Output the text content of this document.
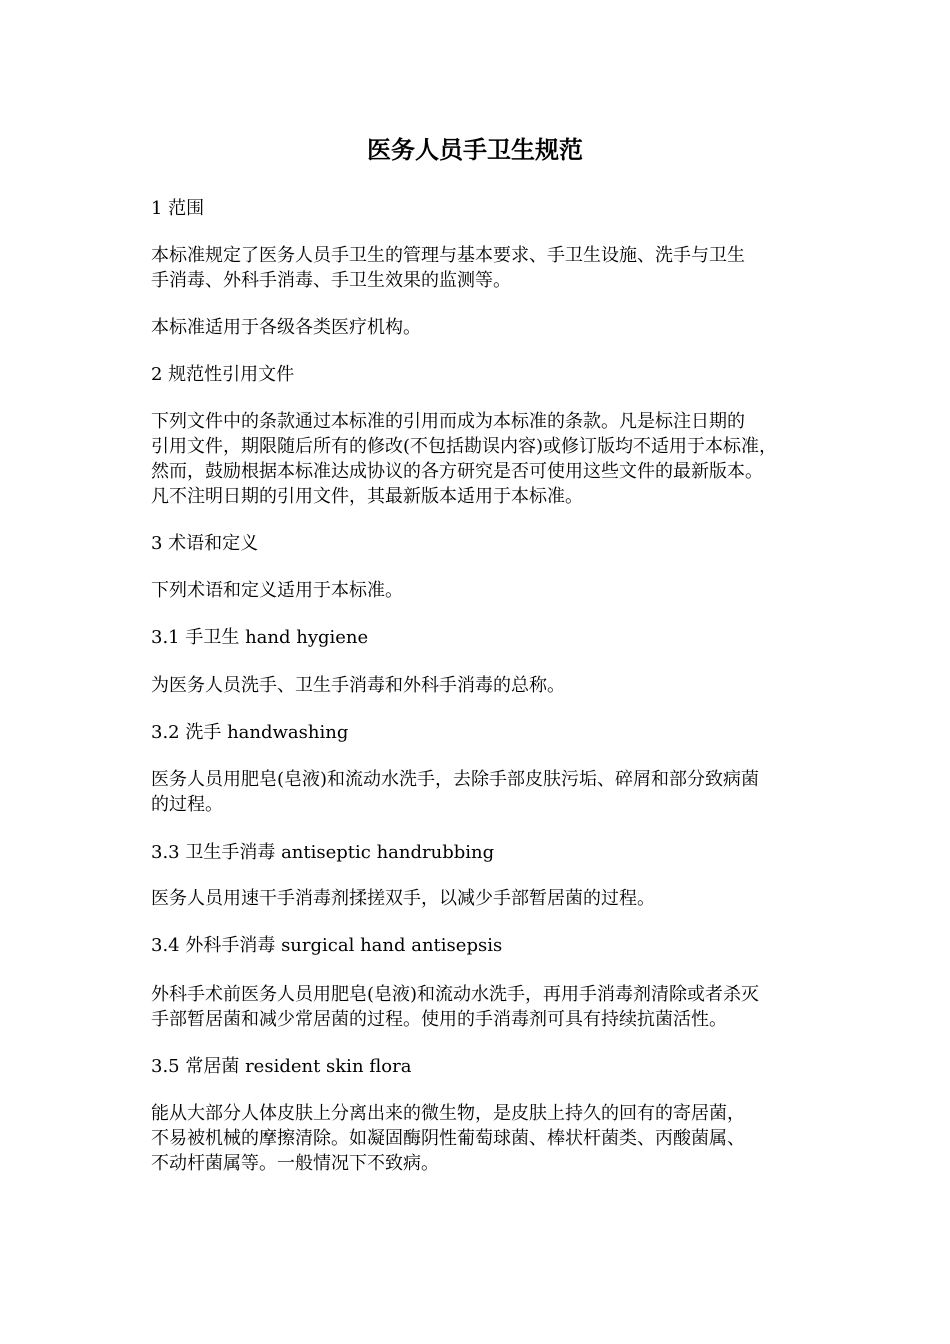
医务人员手卫生规范

1 范围

本标准规定了医务人员手卫生的管理与基本要求、手卫生设施、洗手与卫生

手消毒、外科手消毒、手卫生效果的监测等。

本标准适用于各级各类医疗机构。

2 规范性引用文件

下列文件中的条款通过本标准的引用而成为本标准的条款。凡是标注日期的

引用文件，期限随后所有的修改(不包括勘误内容)或修订版均不适用于本标准，

然而，鼓励根据本标准达成协议的各方研究是否可使用这些文件的最新版本。

凡不注明日期的引用文件，其最新版本适用于本标准。

3 术语和定义

下列术语和定义适用于本标准。

3.1 手卫生 hand hygiene

为医务人员洗手、卫生手消毒和外科手消毒的总称。

3.2 洗手 handwashing

医务人员用肥皂(皂液)和流动水洗手，去除手部皮肤污垢、碎屑和部分致病菌

的过程。

3.3 卫生手消毒 antiseptic handrubbing

医务人员用速干手消毒剂揉搓双手，以减少手部暂居菌的过程。

3.4 外科手消毒 surgical hand antisepsis

外科手术前医务人员用肥皂(皂液)和流动水洗手，再用手消毒剂清除或者杀灭

手部暂居菌和减少常居菌的过程。使用的手消毒剂可具有持续抗菌活性。

3.5 常居菌 resident skin flora

能从大部分人体皮肤上分离出来的微生物，是皮肤上持久的回有的寄居菌，

不易被机械的摩擦清除。如凝固酶阴性葡萄球菌、棒状杆菌类、丙酸菌属、

不动杆菌属等。一般情况下不致病。
